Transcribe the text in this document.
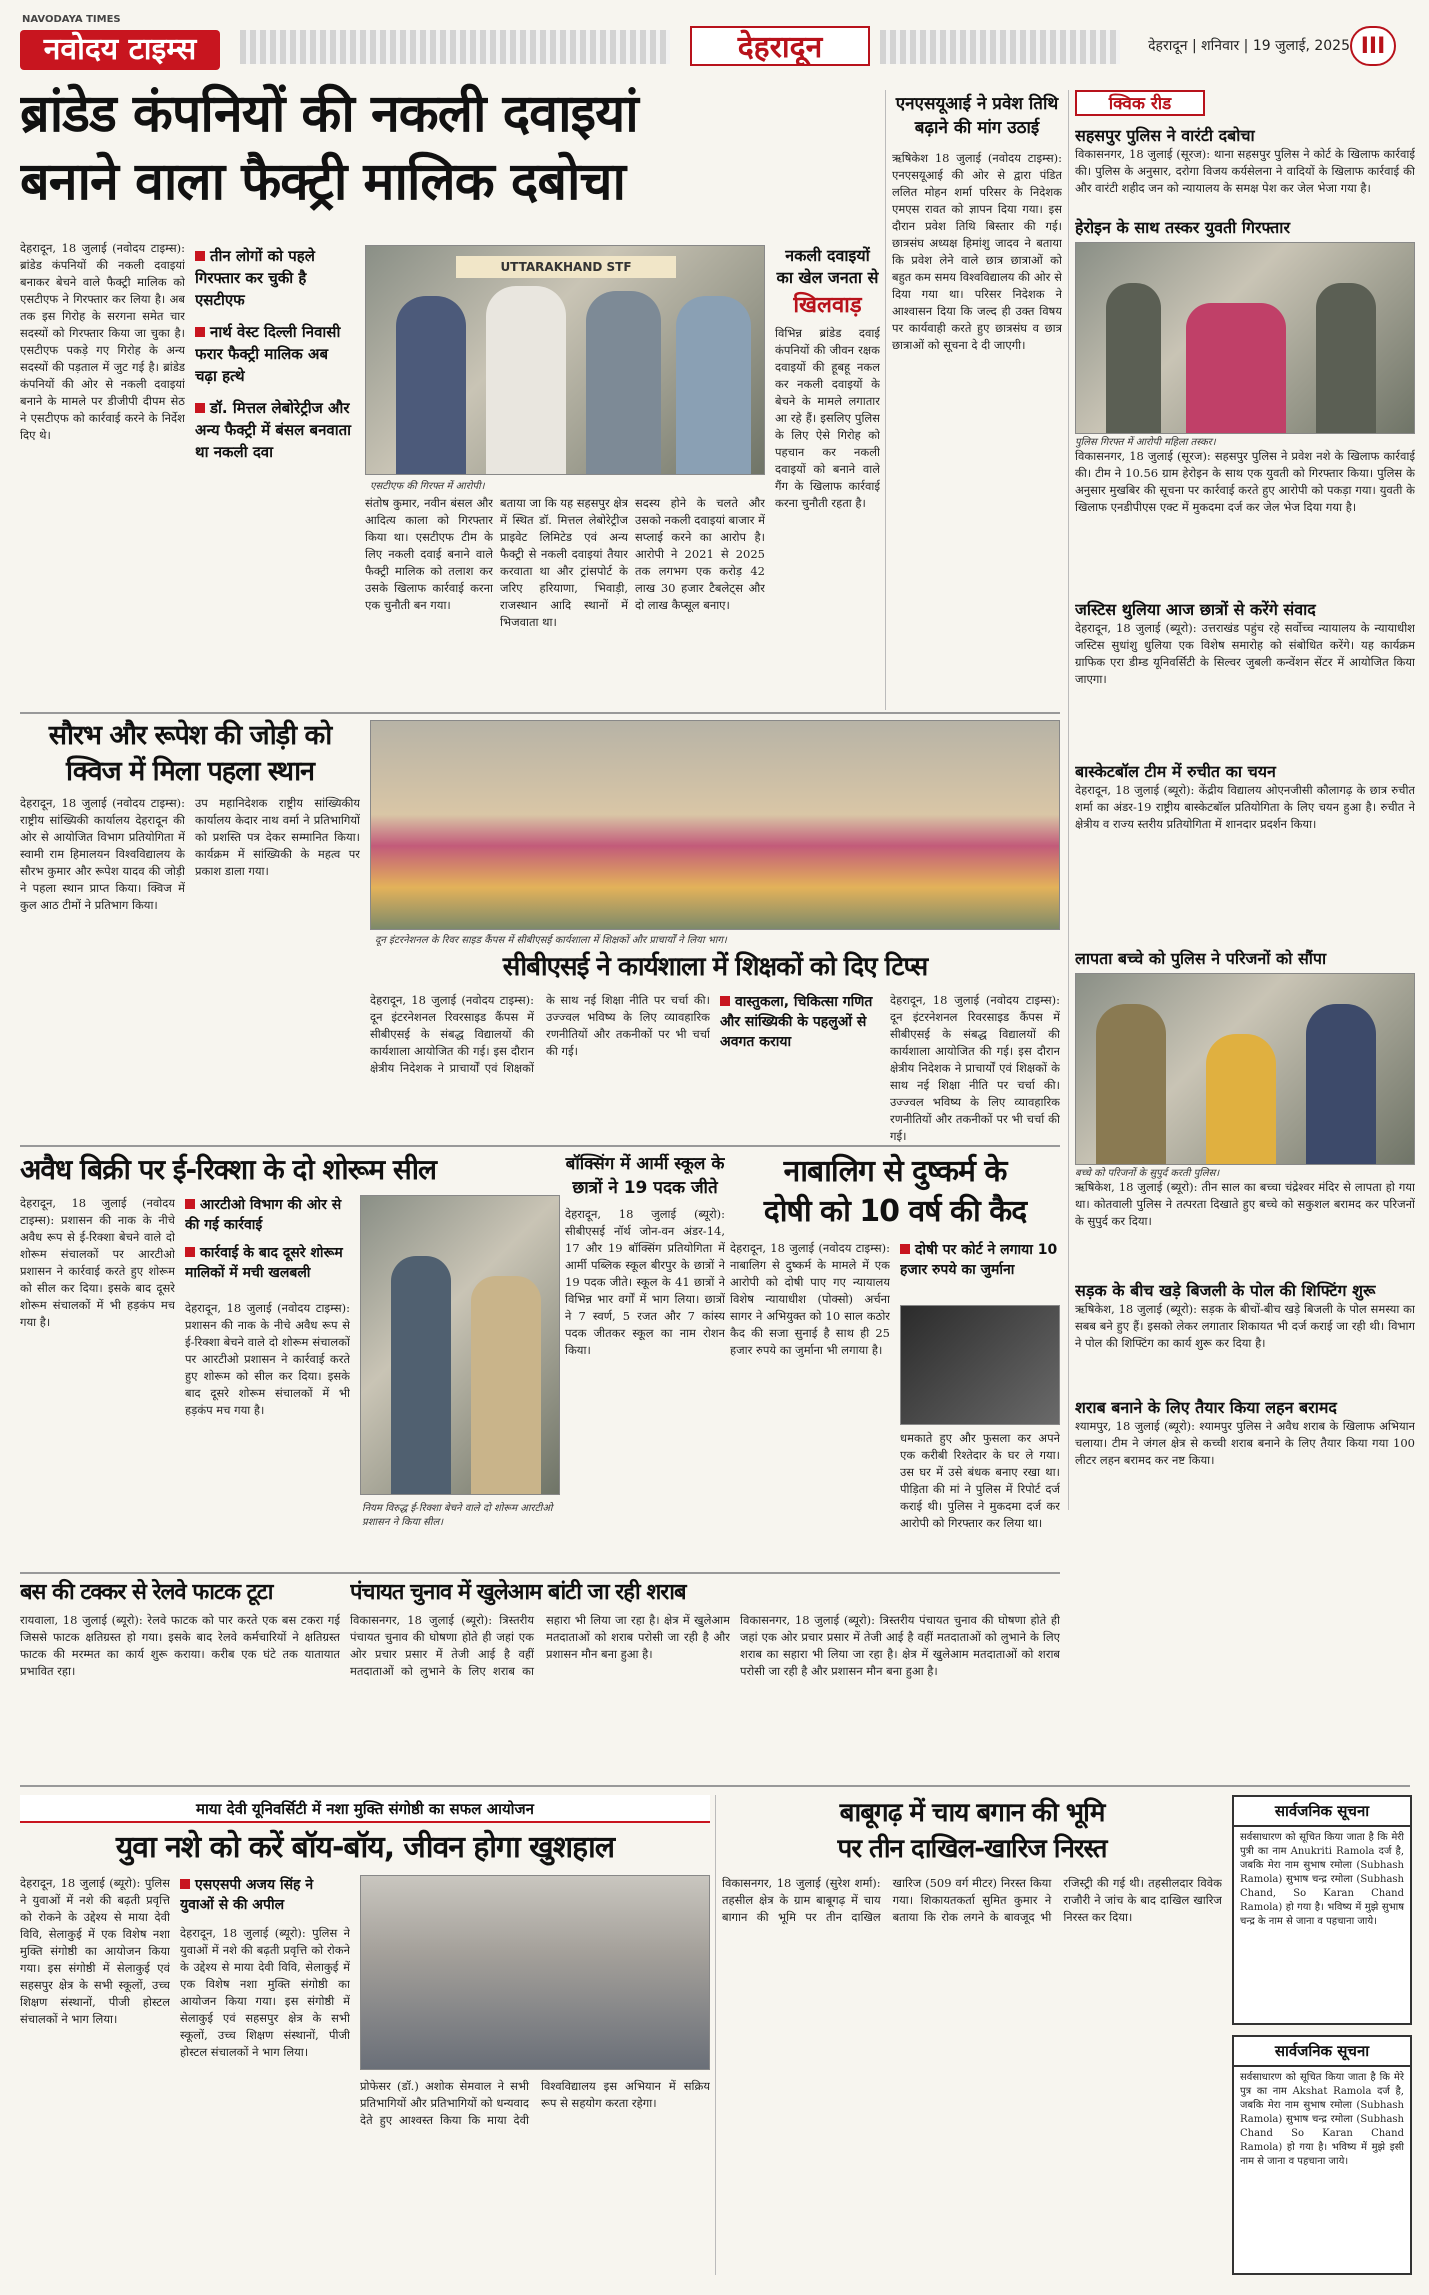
NAVODAYA TIMES
नवोदय टाइम्स	देहरादून	देहरादून | शनिवार | 19 जुलाई, 2025 III
ब्रांडेड कंपनियों की नकली दवाइयां
बनाने वाला फैक्ट्री मालिक दबोचा
देहरादून, 18 जुलाई (नवोदय टाइम्स): ब्रांडेड कंपनियों की नकली दवाइयां बनाकर बेचने वाले फैक्ट्री मालिक को एसटीएफ ने गिरफ्तार कर लिया है। अब तक इस गिरोह के सरगना समेत चार सदस्यों को गिरफ्तार किया जा चुका है। एसटीएफ पकड़े गए गिरोह के अन्य सदस्यों की पड़ताल में जुट गई है। ब्रांडेड कंपनियों की ओर से नकली दवाइयां बनाने के मामले पर डीजीपी दीपम सेठ ने एसटीएफ को कार्रवाई करने के निर्देश दिए थे।
तीन लोगों को पहले गिरफ्तार कर चुकी है एसटीएफ
नार्थ वेस्ट दिल्ली निवासी फरार फैक्ट्री मालिक अब चढ़ा हत्थे
डॉ. मित्तल लेबोरेट्रीज और अन्य फैक्ट्री में बंसल बनवाता था नकली दवा
UTTARAKHAND STF
एसटीएफ की गिरफ्त में आरोपी।
संतोष कुमार, नवीन बंसल और आदित्य काला को गिरफ्तार किया था। एसटीएफ टीम के लिए नकली दवाई बनाने वाले फैक्ट्री मालिक को तलाश कर उसके खिलाफ कार्रवाई करना एक चुनौती बन गया।
बताया जा कि यह सहसपुर क्षेत्र में स्थित डॉ. मित्तल लेबोरेट्रीज प्राइवेट लिमिटेड एवं अन्य फैक्ट्री से नकली दवाइयां तैयार करवाता था और ट्रांसपोर्ट के जरिए हरियाणा, भिवाड़ी, राजस्थान आदि स्थानों में भिजवाता था।
सदस्य होने के चलते और उसको नकली दवाइयां बाजार में सप्लाई करने का आरोप है। आरोपी ने 2021 से 2025 तक लगभग एक करोड़ 42 लाख 30 हजार टैबलेट्स और दो लाख कैप्सूल बनाए।
नकली दवाइयों का खेल जनता से
खिलवाड़
विभिन्न ब्रांडेड दवाई कंपनियों की जीवन रक्षक दवाइयों की हूबहू नकल कर नकली दवाइयों के बेचने के मामले लगातार आ रहे हैं। इसलिए पुलिस के लिए ऐसे गिरोह को पहचान कर नकली दवाइयों को बनाने वाले गैंग के खिलाफ कार्रवाई करना चुनौती रहता है।
एनएसयूआई ने प्रवेश तिथि बढ़ाने की मांग उठाई
ऋषिकेश 18 जुलाई (नवोदय टाइम्स): एनएसयूआई की ओर से द्वारा पंडित ललित मोहन शर्मा परिसर के निदेशक एमएस रावत को ज्ञापन दिया गया। इस दौरान प्रवेश तिथि बिस्तार की गई। छात्रसंघ अध्यक्ष हिमांशु जादव ने बताया कि प्रवेश लेने वाले छात्र छात्राओं को बहुत कम समय विश्वविद्यालय की ओर से दिया गया था। परिसर निदेशक ने आश्वासन दिया कि जल्द ही उक्त विषय पर कार्यवाही करते हुए छात्रसंघ व छात्र छात्राओं को सूचना दे दी जाएगी।
क्विक रीड
सहसपुर पुलिस ने वारंटी दबोचा
विकासनगर, 18 जुलाई (सूरज): थाना सहसपुर पुलिस ने कोर्ट के खिलाफ कार्रवाई की। पुलिस के अनुसार, दरोगा विजय कर्यसेलना ने वादियों के खिलाफ कार्रवाई की और वारंटी शहीद जन को न्यायालय के समक्ष पेश कर जेल भेजा गया है।
हेरोइन के साथ तस्कर युवती गिरफ्तार
पुलिस गिरफ्त में आरोपी महिला तस्कर।
विकासनगर, 18 जुलाई (सूरज): सहसपुर पुलिस ने प्रवेश नशे के खिलाफ कार्रवाई की। टीम ने 10.56 ग्राम हेरोइन के साथ एक युवती को गिरफ्तार किया। पुलिस के अनुसार मुखबिर की सूचना पर कार्रवाई करते हुए आरोपी को पकड़ा गया। युवती के खिलाफ एनडीपीएस एक्ट में मुकदमा दर्ज कर जेल भेज दिया गया है।
जस्टिस थुलिया आज छात्रों से करेंगे संवाद
देहरादून, 18 जुलाई (ब्यूरो): उत्तराखंड पहुंच रहे सर्वोच्च न्यायालय के न्यायाधीश जस्टिस सुधांशु धुलिया एक विशेष समारोह को संबोधित करेंगे। यह कार्यक्रम ग्राफिक एरा डीम्ड यूनिवर्सिटी के सिल्वर जुबली कन्वेंशन सेंटर में आयोजित किया जाएगा।
बास्केटबॉल टीम में रुचीत का चयन
देहरादून, 18 जुलाई (ब्यूरो): केंद्रीय विद्यालय ओएनजीसी कौलागढ़ के छात्र रुचीत शर्मा का अंडर-19 राष्ट्रीय बास्केटबॉल प्रतियोगिता के लिए चयन हुआ है। रुचीत ने क्षेत्रीय व राज्य स्तरीय प्रतियोगिता में शानदार प्रदर्शन किया।
लापता बच्चे को पुलिस ने परिजनों को सौंपा
बच्चे को परिजनों के सुपुर्द करती पुलिस।
ऋषिकेश, 18 जुलाई (ब्यूरो): तीन साल का बच्चा चंद्रेश्वर मंदिर से लापता हो गया था। कोतवाली पुलिस ने तत्परता दिखाते हुए बच्चे को सकुशल बरामद कर परिजनों के सुपुर्द कर दिया।
सड़क के बीच खड़े बिजली के पोल की शिफ्टिंग शुरू
ऋषिकेश, 18 जुलाई (ब्यूरो): सड़क के बीचों-बीच खड़े बिजली के पोल समस्या का सबब बने हुए हैं। इसको लेकर लगातार शिकायत भी दर्ज कराई जा रही थी। विभाग ने पोल की शिफ्टिंग का कार्य शुरू कर दिया है।
शराब बनाने के लिए तैयार किया लहन बरामद
श्यामपुर, 18 जुलाई (ब्यूरो): श्यामपुर पुलिस ने अवैध शराब के खिलाफ अभियान चलाया। टीम ने जंगल क्षेत्र से कच्ची शराब बनाने के लिए तैयार किया गया 100 लीटर लहन बरामद कर नष्ट किया।
सौरभ और रूपेश की जोड़ी को
क्विज में मिला पहला स्थान
देहरादून, 18 जुलाई (नवोदय टाइम्स): राष्ट्रीय सांख्यिकी कार्यालय देहरादून की ओर से आयोजित विभाग प्रतियोगिता में स्वामी राम हिमालयन विश्वविद्यालय के सौरभ कुमार और रूपेश यादव की जोड़ी ने पहला स्थान प्राप्त किया। क्विज में कुल आठ टीमों ने प्रतिभाग किया।
उप महानिदेशक राष्ट्रीय सांख्यिकीय कार्यालय केदार नाथ वर्मा ने प्रतिभागियों को प्रशस्ति पत्र देकर सम्मानित किया। कार्यक्रम में सांख्यिकी के महत्व पर प्रकाश डाला गया।
दून इंटरनेशनल के रिवर साइड कैंपस में सीबीएसई कार्यशाला में शिक्षकों और प्राचार्यों ने लिया भाग।
सीबीएसई ने कार्यशाला में शिक्षकों को दिए टिप्स
देहरादून, 18 जुलाई (नवोदय टाइम्स): दून इंटरनेशनल रिवरसाइड कैंपस में सीबीएसई के संबद्ध विद्यालयों की कार्यशाला आयोजित की गई। इस दौरान क्षेत्रीय निदेशक ने प्राचार्यों एवं शिक्षकों के साथ नई शिक्षा नीति पर चर्चा की। उज्ज्वल भविष्य के लिए व्यावहारिक रणनीतियों और तकनीकों पर भी चर्चा की गई।
वास्तुकला, चिकित्सा गणित और सांख्यिकी के पहलुओं से अवगत कराया
देहरादून, 18 जुलाई (नवोदय टाइम्स): दून इंटरनेशनल रिवरसाइड कैंपस में सीबीएसई के संबद्ध विद्यालयों की कार्यशाला आयोजित की गई। इस दौरान क्षेत्रीय निदेशक ने प्राचार्यों एवं शिक्षकों के साथ नई शिक्षा नीति पर चर्चा की। उज्ज्वल भविष्य के लिए व्यावहारिक रणनीतियों और तकनीकों पर भी चर्चा की गई।
अवैध बिक्री पर ई-रिक्शा के दो शोरूम सील
देहरादून, 18 जुलाई (नवोदय टाइम्स): प्रशासन की नाक के नीचे अवैध रूप से ई-रिक्शा बेचने वाले दो शोरूम संचालकों पर आरटीओ प्रशासन ने कार्रवाई करते हुए शोरूम को सील कर दिया। इसके बाद दूसरे शोरूम संचालकों में भी हड़कंप मच गया है।
आरटीओ विभाग की ओर से की गई कार्रवाई
कार्रवाई के बाद दूसरे शोरूम मालिकों में मची खलबली
देहरादून, 18 जुलाई (नवोदय टाइम्स): प्रशासन की नाक के नीचे अवैध रूप से ई-रिक्शा बेचने वाले दो शोरूम संचालकों पर आरटीओ प्रशासन ने कार्रवाई करते हुए शोरूम को सील कर दिया। इसके बाद दूसरे शोरूम संचालकों में भी हड़कंप मच गया है।
नियम विरुद्ध ई-रिक्शा बेचने वाले दो शोरूम आरटीओ प्रशासन ने किया सील।
बॉक्सिंग में आर्मी स्कूल के छात्रों ने 19 पदक जीते
देहरादून, 18 जुलाई (ब्यूरो): सीबीएसई नॉर्थ जोन-वन अंडर-14, 17 और 19 बॉक्सिंग प्रतियोगिता में आर्मी पब्लिक स्कूल बीरपुर के छात्रों ने 19 पदक जीते। स्कूल के 41 छात्रों ने विभिन्न भार वर्गों में भाग लिया। छात्रों ने 7 स्वर्ण, 5 रजत और 7 कांस्य पदक जीतकर स्कूल का नाम रोशन किया।
नाबालिग से दुष्कर्म के
दोषी को 10 वर्ष की कैद
देहरादून, 18 जुलाई (नवोदय टाइम्स): नाबालिग से दुष्कर्म के मामले में एक आरोपी को दोषी पाए गए न्यायालय विशेष न्यायाधीश (पोक्सो) अर्चना सागर ने अभियुक्त को 10 साल कठोर कैद की सजा सुनाई है साथ ही 25 हजार रुपये का जुर्माना भी लगाया है।
दोषी पर कोर्ट ने लगाया 10 हजार रुपये का जुर्माना
धमकाते हुए और फुसला कर अपने एक करीबी रिश्तेदार के घर ले गया। उस घर में उसे बंधक बनाए रखा था। पीड़िता की मां ने पुलिस में रिपोर्ट दर्ज कराई थी। पुलिस ने मुकदमा दर्ज कर आरोपी को गिरफ्तार कर लिया था।
बस की टक्कर से रेलवे फाटक टूटा
रायवाला, 18 जुलाई (ब्यूरो): रेलवे फाटक को पार करते एक बस टकरा गई जिससे फाटक क्षतिग्रस्त हो गया। इसके बाद रेलवे कर्मचारियों ने क्षतिग्रस्त फाटक की मरम्मत का कार्य शुरू कराया। करीब एक घंटे तक यातायात प्रभावित रहा।
पंचायत चुनाव में खुलेआम बांटी जा रही शराब
विकासनगर, 18 जुलाई (ब्यूरो): त्रिस्तरीय पंचायत चुनाव की घोषणा होते ही जहां एक ओर प्रचार प्रसार में तेजी आई है वहीं मतदाताओं को लुभाने के लिए शराब का सहारा भी लिया जा रहा है। क्षेत्र में खुलेआम मतदाताओं को शराब परोसी जा रही है और प्रशासन मौन बना हुआ है।
विकासनगर, 18 जुलाई (ब्यूरो): त्रिस्तरीय पंचायत चुनाव की घोषणा होते ही जहां एक ओर प्रचार प्रसार में तेजी आई है वहीं मतदाताओं को लुभाने के लिए शराब का सहारा भी लिया जा रहा है। क्षेत्र में खुलेआम मतदाताओं को शराब परोसी जा रही है और प्रशासन मौन बना हुआ है।
माया देवी यूनिवर्सिटी में नशा मुक्ति संगोष्ठी का सफल आयोजन
युवा नशे को करें बॉय-बॉय, जीवन होगा खुशहाल
देहरादून, 18 जुलाई (ब्यूरो): पुलिस ने युवाओं में नशे की बढ़ती प्रवृत्ति को रोकने के उद्देश्य से माया देवी विवि, सेलाकुई में एक विशेष नशा मुक्ति संगोष्ठी का आयोजन किया गया। इस संगोष्ठी में सेलाकुई एवं सहसपुर क्षेत्र के सभी स्कूलों, उच्च शिक्षण संस्थानों, पीजी होस्टल संचालकों ने भाग लिया।
एसएसपी अजय सिंह ने युवाओं से की अपील
देहरादून, 18 जुलाई (ब्यूरो): पुलिस ने युवाओं में नशे की बढ़ती प्रवृत्ति को रोकने के उद्देश्य से माया देवी विवि, सेलाकुई में एक विशेष नशा मुक्ति संगोष्ठी का आयोजन किया गया। इस संगोष्ठी में सेलाकुई एवं सहसपुर क्षेत्र के सभी स्कूलों, उच्च शिक्षण संस्थानों, पीजी होस्टल संचालकों ने भाग लिया।
प्रोफेसर (डॉ.) अशोक सेमवाल ने सभी प्रतिभागियों और प्रतिभागियों को धन्यवाद देते हुए आश्वस्त किया कि माया देवी विश्वविद्यालय इस अभियान में सक्रिय रूप से सहयोग करता रहेगा।
बाबूगढ़ में चाय बगान की भूमि
पर तीन दाखिल-खारिज निरस्त
विकासनगर, 18 जुलाई (सुरेश शर्मा): तहसील क्षेत्र के ग्राम बाबूगढ़ में चाय बागान की भूमि पर तीन दाखिल खारिज (509 वर्ग मीटर) निरस्त किया गया। शिकायतकर्ता सुमित कुमार ने बताया कि रोक लगने के बावजूद भी रजिस्ट्री की गई थी। तहसीलदार विवेक राजौरी ने जांच के बाद दाखिल खारिज निरस्त कर दिया।
सार्वजनिक सूचना
सर्वसाधारण को सूचित किया जाता है कि मेरी पुत्री का नाम Anukriti Ramola दर्ज है, जबकि मेरा नाम सुभाष रमोला (Subhash Ramola) सुभाष चन्द्र रमोला (Subhash Chand, So Karan Chand Ramola) हो गया है। भविष्य में मुझे सुभाष चन्द्र के नाम से जाना व पहचाना जाये।
सार्वजनिक सूचना
सर्वसाधारण को सूचित किया जाता है कि मेरे पुत्र का नाम Akshat Ramola दर्ज है, जबकि मेरा नाम सुभाष रमोला (Subhash Ramola) सुभाष चन्द्र रमोला (Subhash Chand So Karan Chand Ramola) हो गया है। भविष्य में मुझे इसी नाम से जाना व पहचाना जाये।
